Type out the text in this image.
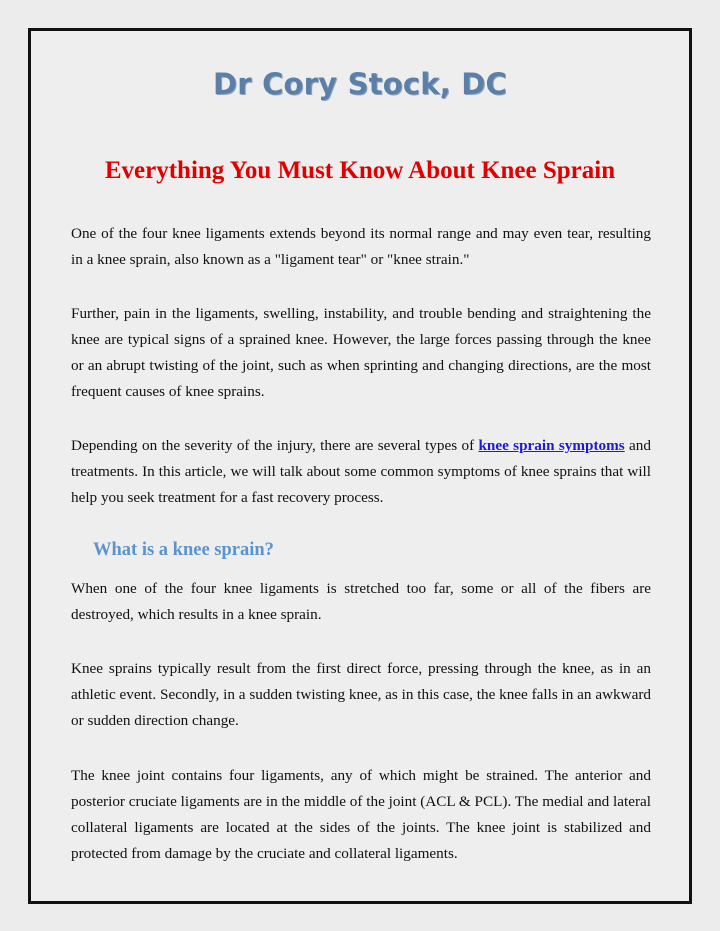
Dr Cory Stock, DC
Everything You Must Know About Knee Sprain

One of the four knee ligaments extends beyond its normal range and may even tear, resulting in a knee sprain, also known as a "ligament tear" or "knee strain."

Further, pain in the ligaments, swelling, instability, and trouble bending and straightening the knee are typical signs of a sprained knee. However, the large forces passing through the knee or an abrupt twisting of the joint, such as when sprinting and changing directions, are the most frequent causes of knee sprains.

Depending on the severity of the injury, there are several types of knee sprain symptoms and treatments. In this article, we will talk about some common symptoms of knee sprains that will help you seek treatment for a fast recovery process.

What is a knee sprain?

When one of the four knee ligaments is stretched too far, some or all of the fibers are destroyed, which results in a knee sprain.

Knee sprains typically result from the first direct force, pressing through the knee, as in an athletic event. Secondly, in a sudden twisting knee, as in this case, the knee falls in an awkward or sudden direction change.

The knee joint contains four ligaments, any of which might be strained. The anterior and posterior cruciate ligaments are in the middle of the joint (ACL & PCL). The medial and lateral collateral ligaments are located at the sides of the joints. The knee joint is stabilized and protected from damage by the cruciate and collateral ligaments.
